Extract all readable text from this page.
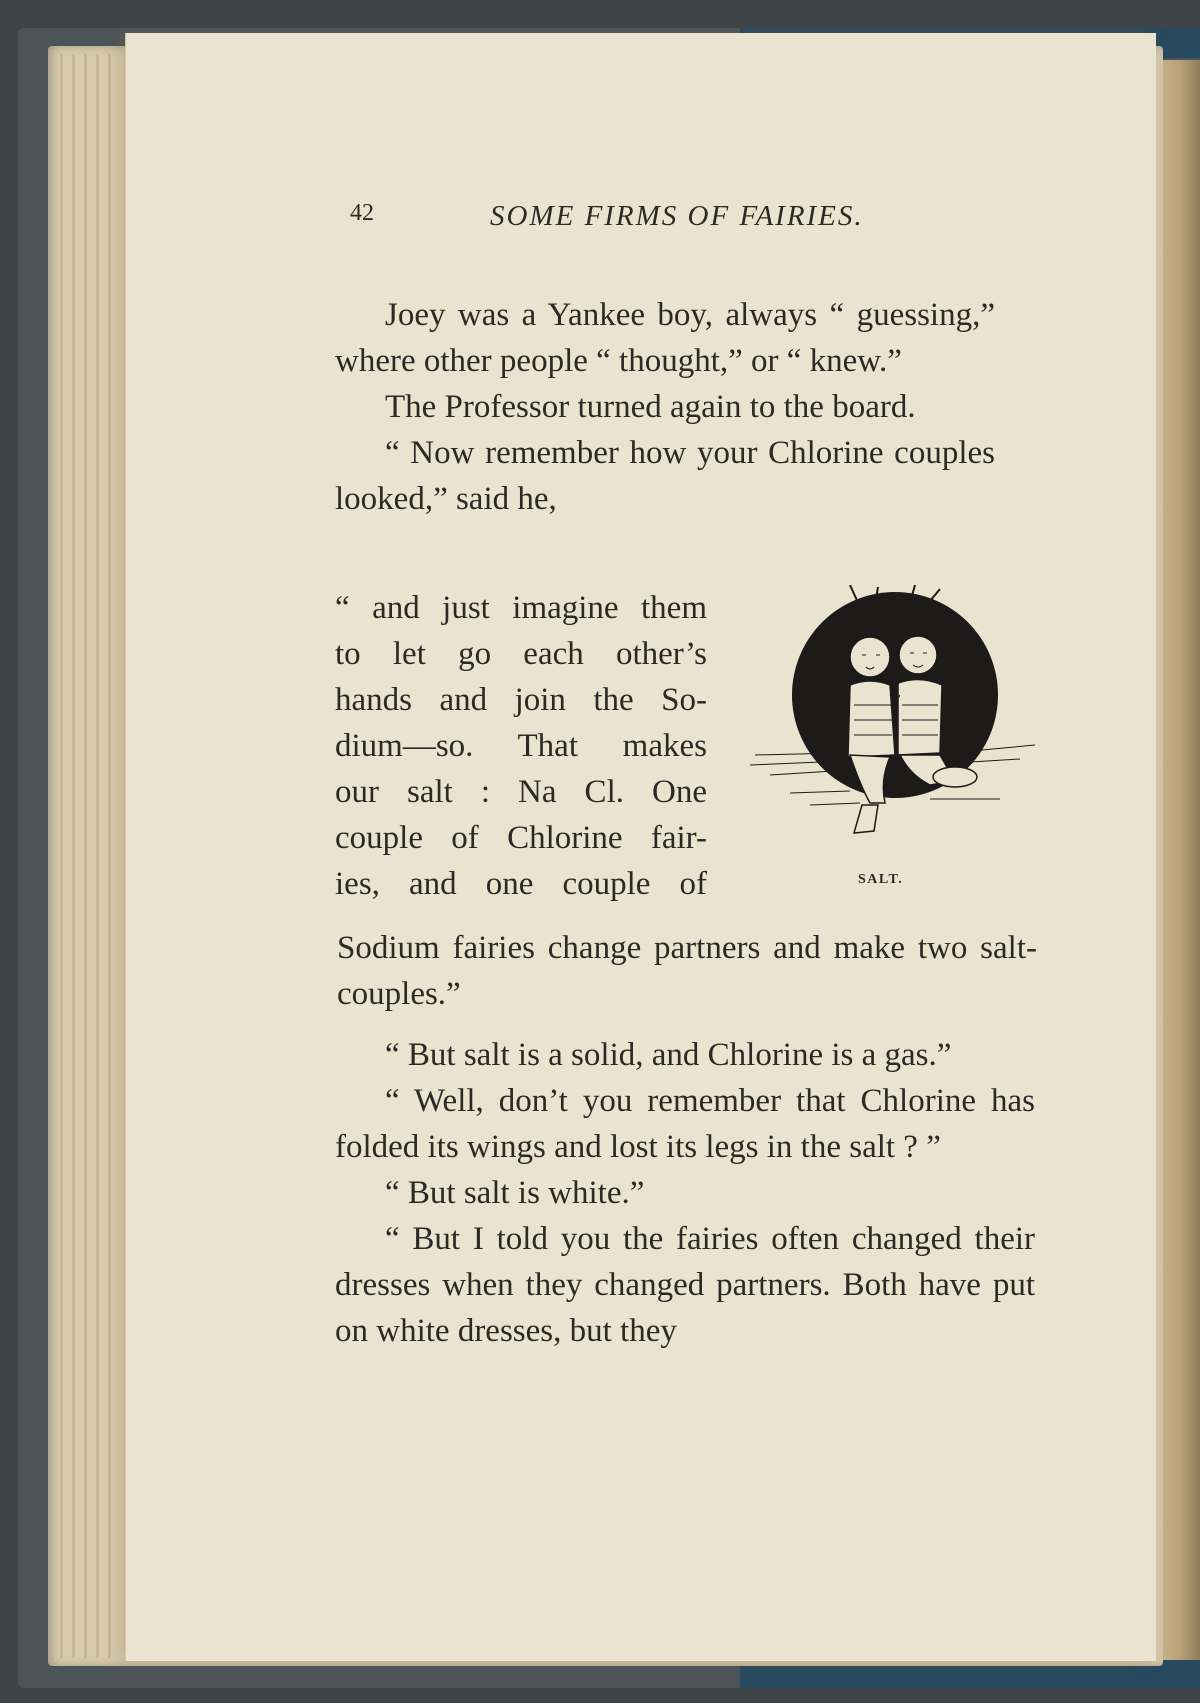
42	SOME FIRMS OF FAIRIES.

Joey was a Yankee boy, always “ guessing,” where other people “ thought,” or “ knew.”

The Professor turned again to the board.

“ Now remember how your Chlorine couples looked,” said he,

“ and just imagine them
to let go each other’s
hands and join the So-
dium—so. That makes
our salt : Na Cl. One
couple of Chlorine fair-
ies, and one couple of	SALT.

Sodium fairies change partners and make two salt-couples.”

“ But salt is a solid, and Chlorine is a gas.”

“ Well, don’t you remember that Chlorine has folded its wings and lost its legs in the salt ? ”

“ But salt is white.”

“ But I told you the fairies often changed their dresses when they changed partners. Both have put on white dresses, but they
